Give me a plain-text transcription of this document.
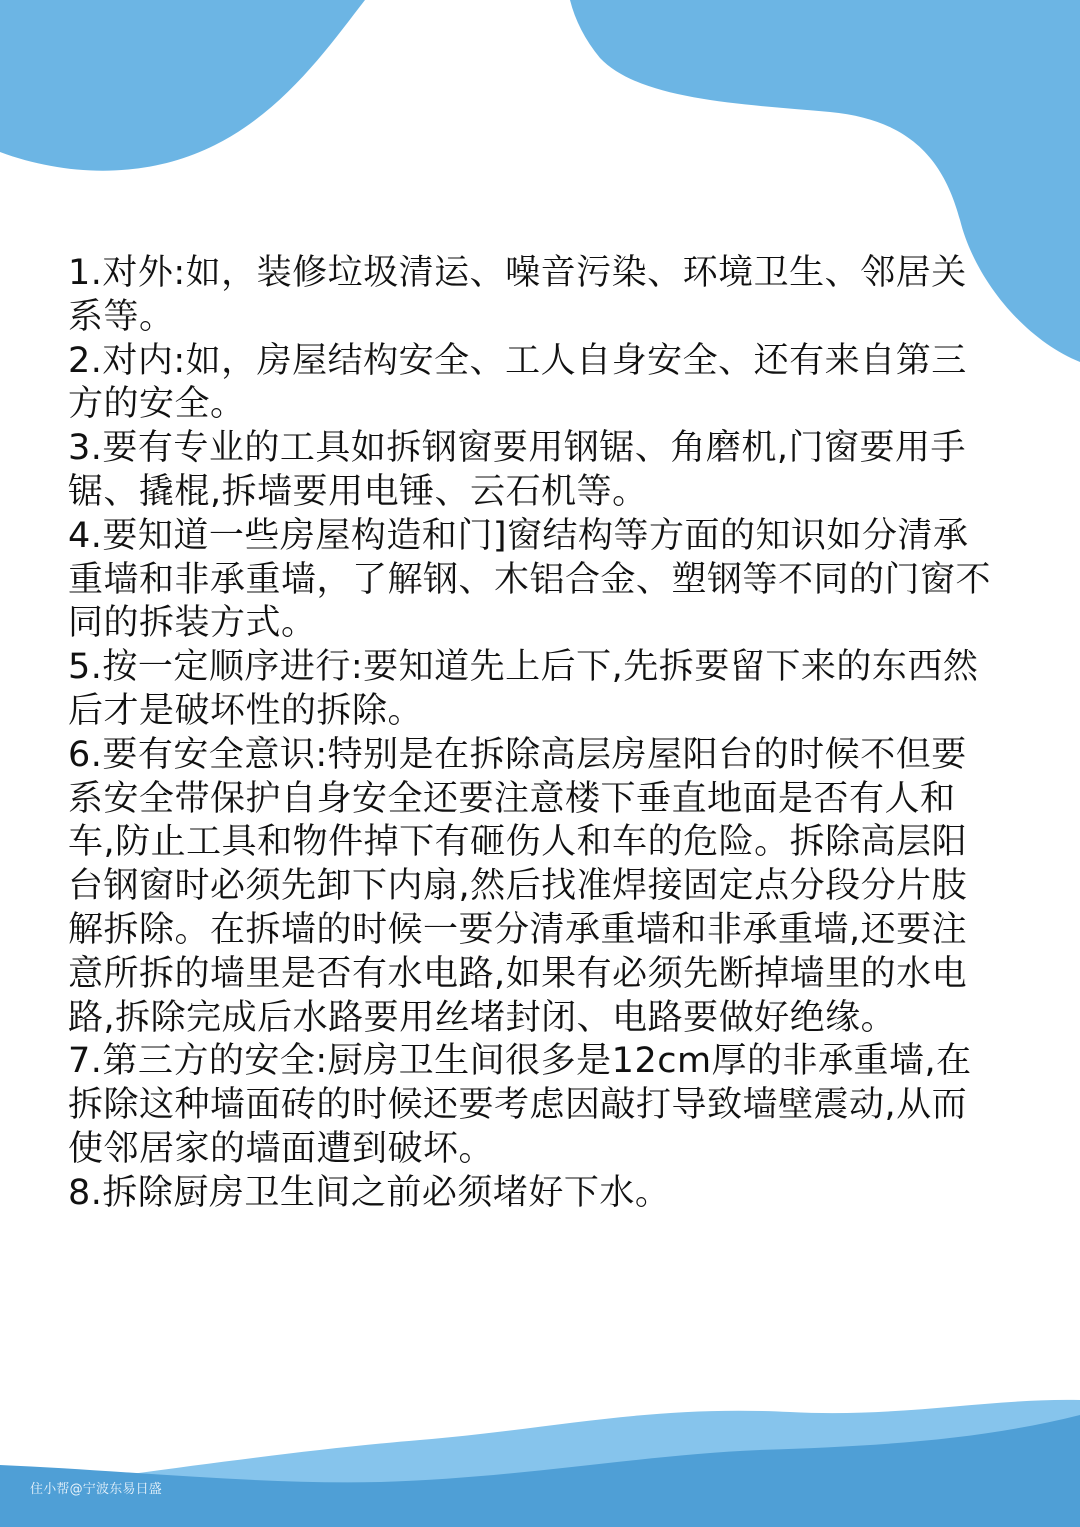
1.对外:如，装修垃圾清运、噪音污染、环境卫生、邻居关系等。

2.对内:如，房屋结构安全、工人自身安全、还有来自第三方的安全。

3.要有专业的工具如拆钢窗要用钢锯、角磨机,门窗要用手锯、撬棍,拆墙要用电锤、云石机等。

4.要知道一些房屋构造和门]窗结构等方面的知识如分清承重墙和非承重墙，了解钢、木铝合金、塑钢等不同的门窗不同的拆装方式。

5.按一定顺序进行:要知道先上后下,先拆要留下来的东西然后才是破坏性的拆除。

6.要有安全意识:特别是在拆除高层房屋阳台的时候不但要系安全带保护自身安全还要注意楼下垂直地面是否有人和车,防止工具和物件掉下有砸伤人和车的危险。拆除高层阳台钢窗时必须先卸下内扇,然后找准焊接固定点分段分片肢解拆除。在拆墙的时候一要分清承重墙和非承重墙,还要注意所拆的墙里是否有水电路,如果有必须先断掉墙里的水电路,拆除完成后水路要用丝堵封闭、电路要做好绝缘。

7.第三方的安全:厨房卫生间很多是12cm厚的非承重墙,在拆除这种墙面砖的时候还要考虑因敲打导致墙壁震动,从而使邻居家的墙面遭到破坏。

8.拆除厨房卫生间之前必须堵好下水。

住小帮@宁波东易日盛
